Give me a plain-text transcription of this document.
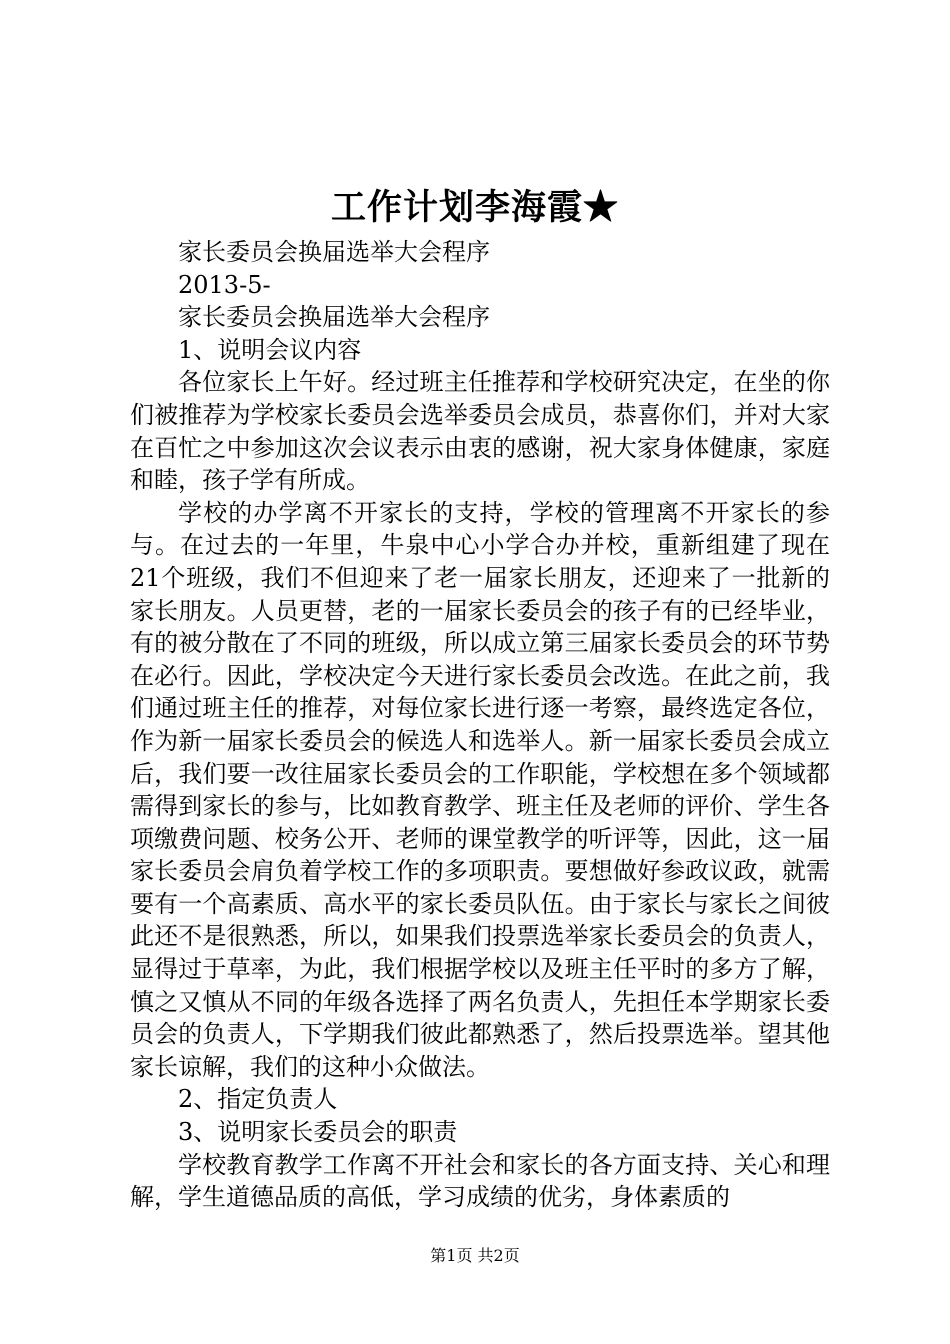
工作计划李海霞★

家长委员会换届选举大会程序

2013-5-

家长委员会换届选举大会程序

1、说明会议内容

各位家长上午好。经过班主任推荐和学校研究决定，在坐的你们被推荐为学校家长委员会选举委员会成员，恭喜你们，并对大家在百忙之中参加这次会议表示由衷的感谢，祝大家身体健康，家庭和睦，孩子学有所成。

学校的办学离不开家长的支持，学校的管理离不开家长的参与。在过去的一年里，牛泉中心小学合办并校，重新组建了现在21个班级，我们不但迎来了老一届家长朋友，还迎来了一批新的家长朋友。人员更替，老的一届家长委员会的孩子有的已经毕业，有的被分散在了不同的班级，所以成立第三届家长委员会的环节势在必行。因此，学校决定今天进行家长委员会改选。在此之前，我们通过班主任的推荐，对每位家长进行逐一考察，最终选定各位，作为新一届家长委员会的候选人和选举人。新一届家长委员会成立后，我们要一改往届家长委员会的工作职能，学校想在多个领域都需得到家长的参与，比如教育教学、班主任及老师的评价、学生各项缴费问题、校务公开、老师的课堂教学的听评等，因此，这一届家长委员会肩负着学校工作的多项职责。要想做好参政议政，就需要有一个高素质、高水平的家长委员队伍。由于家长与家长之间彼此还不是很熟悉，所以，如果我们投票选举家长委员会的负责人，显得过于草率，为此，我们根据学校以及班主任平时的多方了解，慎之又慎从不同的年级各选择了两名负责人，先担任本学期家长委员会的负责人，下学期我们彼此都熟悉了，然后投票选举。望其他家长谅解，我们的这种小众做法。

2、指定负责人

3、说明家长委员会的职责

学校教育教学工作离不开社会和家长的各方面支持、关心和理解，学生道德品质的高低，学习成绩的优劣，身体素质的

第1页 共2页
